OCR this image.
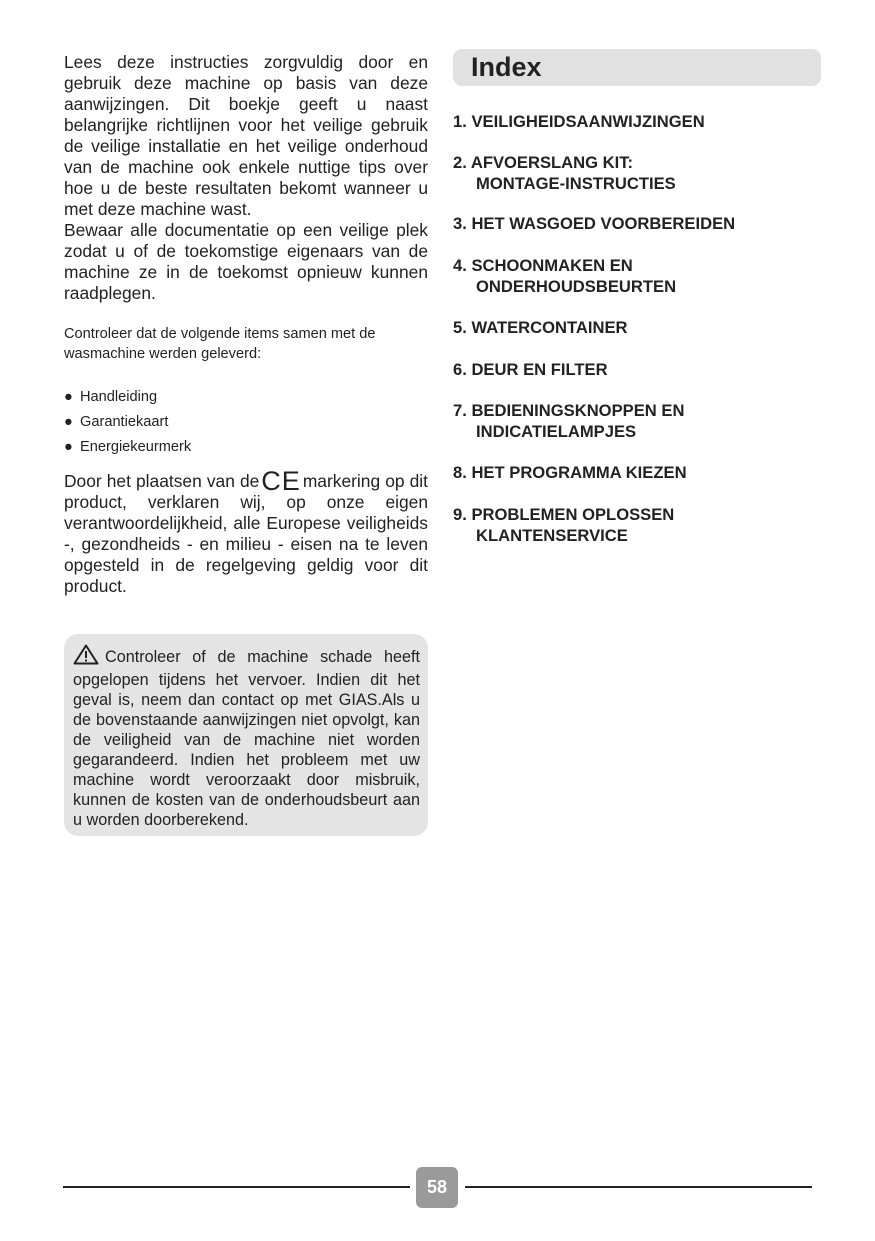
Lees deze instructies zorgvuldig door en gebruik deze machine op basis van deze aanwijzingen. Dit boekje geeft u naast belangrijke richtlijnen voor het veilige gebruik de veilige installatie en het veilige onderhoud van de machine ook enkele nuttige tips over hoe u de beste resultaten bekomt wanneer u met deze machine wast.

Bewaar alle documentatie op een veilige plek zodat u of de toekomstige eigenaars van de machine ze in de toekomst opnieuw kunnen raadplegen.

Controleer dat de volgende items samen met de wasmachine werden geleverd:

● Handleiding
● Garantiekaart
● Energiekeurmerk

Door het plaatsen van deCE markering op dit product, verklaren wij, op onze eigen verantwoordelijkheid, alle Europese veiligheids -, gezondheids - en milieu - eisen na te leven opgesteld in de regelgeving geldig voor dit product.

Controleer of de machine schade heeft opgelopen tijdens het vervoer. Indien dit het geval is, neem dan contact op met GIAS.Als u de bovenstaande aanwijzingen niet opvolgt, kan de veiligheid van de machine niet worden gegarandeerd. Indien het probleem met uw machine wordt veroorzaakt door misbruik, kunnen de kosten van de onderhoudsbeurt aan u worden doorberekend.

Index
1. VEILIGHEIDSAANWIJZINGEN
2. AFVOERSLANG KIT:
MONTAGE-INSTRUCTIES
3. HET WASGOED VOORBEREIDEN
4. SCHOONMAKEN EN
ONDERHOUDSBEURTEN
5. WATERCONTAINER
6. DEUR EN FILTER
7. BEDIENINGSKNOPPEN EN
INDICATIELAMPJES
8. HET PROGRAMMA KIEZEN
9. PROBLEMEN OPLOSSEN
KLANTENSERVICE
58
